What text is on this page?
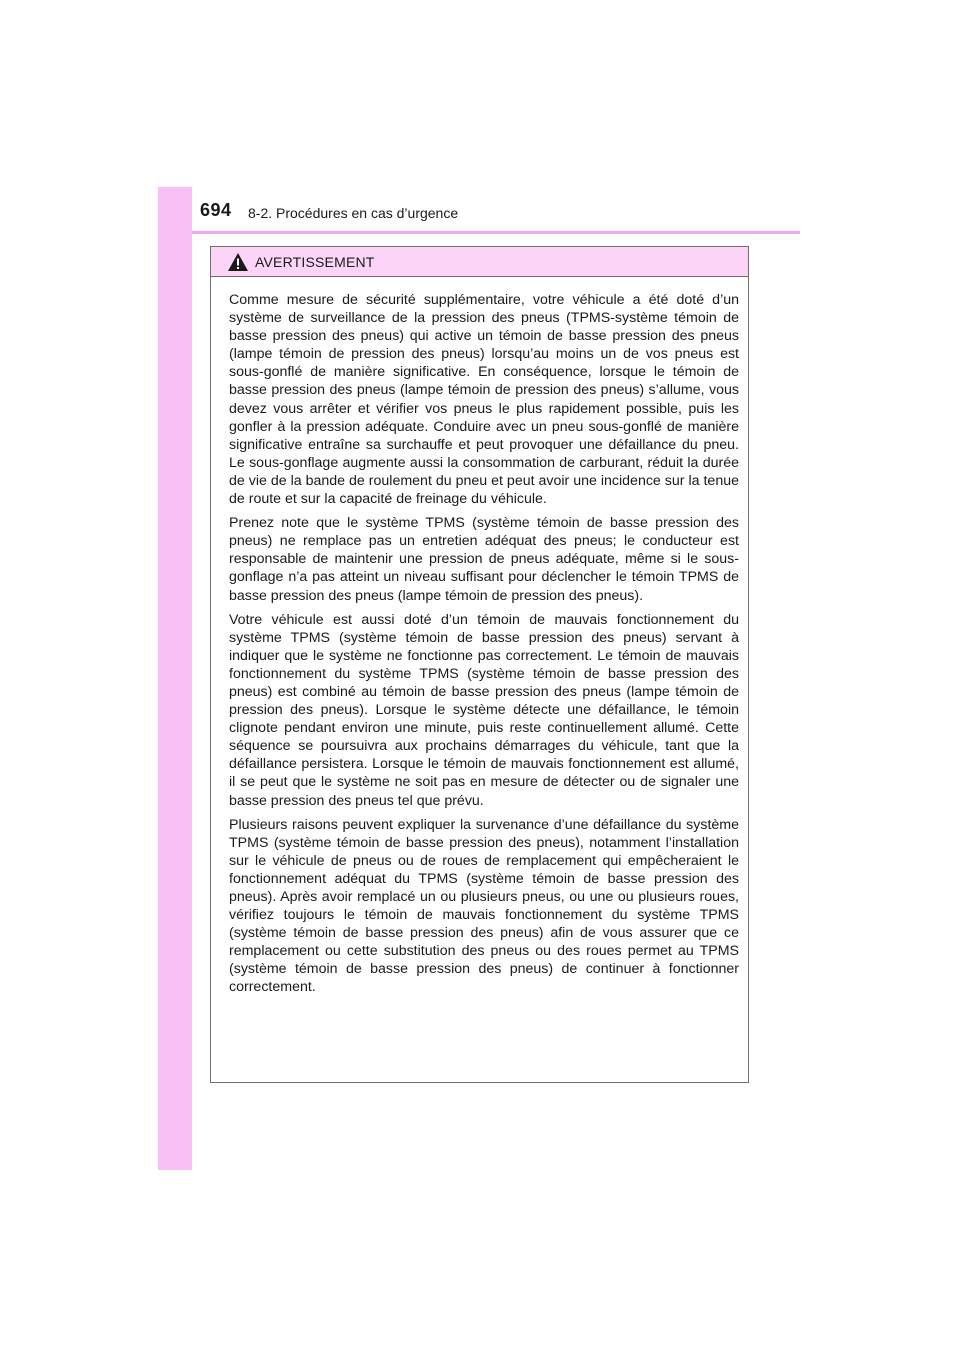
694 8-2. Procédures en cas d’urgence
AVERTISSEMENT

Comme mesure de sécurité supplémentaire, votre véhicule a été doté d’un système de surveillance de la pression des pneus (TPMS-système témoin de basse pression des pneus) qui active un témoin de basse pression des pneus (lampe témoin de pression des pneus) lorsqu’au moins un de vos pneus est sous-gonflé de manière significative. En conséquence, lorsque le témoin de basse pression des pneus (lampe témoin de pression des pneus) s’allume, vous devez vous arrêter et vérifier vos pneus le plus rapidement possible, puis les gonfler à la pression adéquate. Conduire avec un pneu sous-gonflé de manière significative entraîne sa surchauffe et peut provoquer une défaillance du pneu. Le sous-gonflage augmente aussi la consommation de carburant, réduit la durée de vie de la bande de roulement du pneu et peut avoir une incidence sur la tenue de route et sur la capacité de freinage du véhicule.

Prenez note que le système TPMS (système témoin de basse pression des pneus) ne remplace pas un entretien adéquat des pneus; le conducteur est responsable de maintenir une pression de pneus adéquate, même si le sous-gonflage n’a pas atteint un niveau suffisant pour déclencher le témoin TPMS de basse pression des pneus (lampe témoin de pression des pneus).

Votre véhicule est aussi doté d’un témoin de mauvais fonctionnement du système TPMS (système témoin de basse pression des pneus) servant à indiquer que le système ne fonctionne pas correctement. Le témoin de mauvais fonctionnement du système TPMS (système témoin de basse pression des pneus) est combiné au témoin de basse pression des pneus (lampe témoin de pression des pneus). Lorsque le système détecte une défaillance, le témoin clignote pendant environ une minute, puis reste continuellement allumé. Cette séquence se poursuivra aux prochains démarrages du véhicule, tant que la défaillance persistera. Lorsque le témoin de mauvais fonctionnement est allumé, il se peut que le système ne soit pas en mesure de détecter ou de signaler une basse pression des pneus tel que prévu.

Plusieurs raisons peuvent expliquer la survenance d’une défaillance du système TPMS (système témoin de basse pression des pneus), notamment l’installation sur le véhicule de pneus ou de roues de remplacement qui empêcheraient le fonctionnement adéquat du TPMS (système témoin de basse pression des pneus). Après avoir remplacé un ou plusieurs pneus, ou une ou plusieurs roues, vérifiez toujours le témoin de mauvais fonctionnement du système TPMS (système témoin de basse pression des pneus) afin de vous assurer que ce remplacement ou cette substitution des pneus ou des roues permet au TPMS (système témoin de basse pression des pneus) de continuer à fonctionner correctement.
